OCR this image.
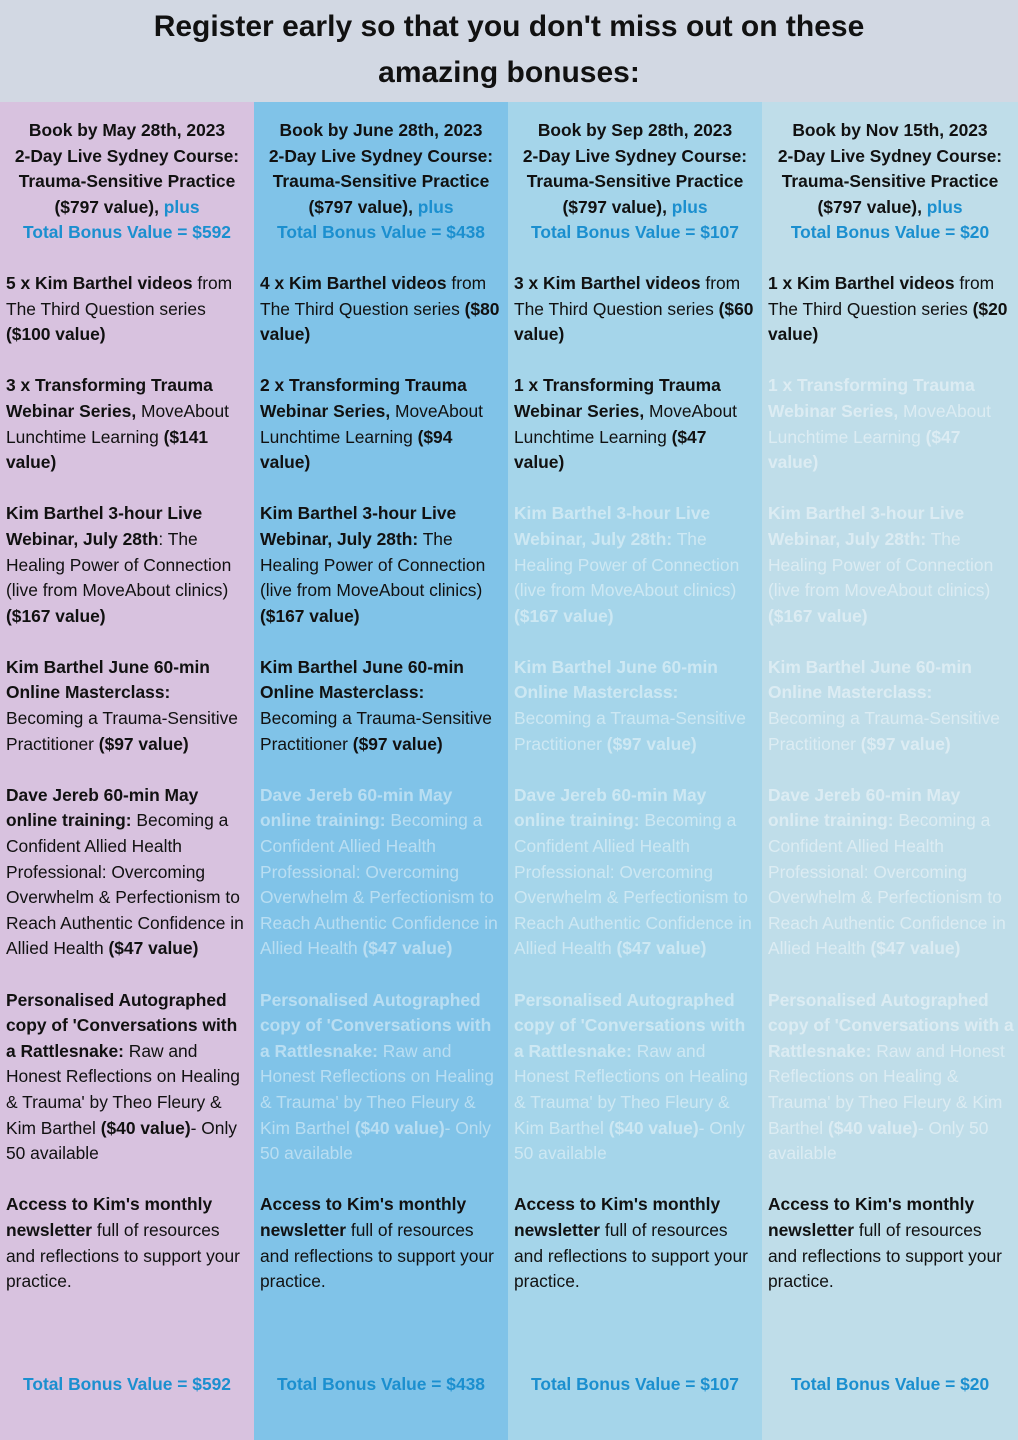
Register early so that you don't miss out on these
amazing bonuses:
Book by May 28th, 2023
2-Day Live Sydney Course:
Trauma-Sensitive Practice
($797 value), plus
Total Bonus Value = $592
5 x Kim Barthel videos from The Third Question series ($100 value)
3 x Transforming Trauma Webinar Series, MoveAbout Lunchtime Learning ($141 value)
Kim Barthel 3-hour Live Webinar, July 28th: The Healing Power of Connection (live from MoveAbout clinics) ($167 value)
Kim Barthel June 60-min Online Masterclass: Becoming a Trauma-Sensitive Practitioner ($97 value)
Dave Jereb 60-min May online training: Becoming a Confident Allied Health Professional: Overcoming Overwhelm & Perfectionism to Reach Authentic Confidence in Allied Health ($47 value)
Personalised Autographed copy of 'Conversations with a Rattlesnake: Raw and Honest Reflections on Healing & Trauma' by Theo Fleury & Kim Barthel ($40 value)- Only 50 available
Access to Kim's monthly newsletter full of resources and reflections to support your practice.
Total Bonus Value = $592
Book by June 28th, 2023
2-Day Live Sydney Course:
Trauma-Sensitive Practice
($797 value), plus
Total Bonus Value = $438
4 x Kim Barthel videos from The Third Question series ($80 value)
2 x Transforming Trauma Webinar Series, MoveAbout Lunchtime Learning ($94 value)
Kim Barthel 3-hour Live Webinar, July 28th: The Healing Power of Connection (live from MoveAbout clinics) ($167 value)
Kim Barthel June 60-min Online Masterclass: Becoming a Trauma-Sensitive Practitioner ($97 value)
Dave Jereb 60-min May online training: Becoming a Confident Allied Health Professional: Overcoming Overwhelm & Perfectionism to Reach Authentic Confidence in Allied Health ($47 value)
Personalised Autographed copy of 'Conversations with a Rattlesnake: Raw and Honest Reflections on Healing & Trauma' by Theo Fleury & Kim Barthel ($40 value)- Only 50 available
Access to Kim's monthly newsletter full of resources and reflections to support your practice.
Total Bonus Value = $438
Book by Sep 28th, 2023
2-Day Live Sydney Course:
Trauma-Sensitive Practice
($797 value), plus
Total Bonus Value = $107
3 x Kim Barthel videos from The Third Question series ($60 value)
1 x Transforming Trauma Webinar Series, MoveAbout Lunchtime Learning ($47 value)
Kim Barthel 3-hour Live Webinar, July 28th: The Healing Power of Connection (live from MoveAbout clinics) ($167 value)
Kim Barthel June 60-min Online Masterclass: Becoming a Trauma-Sensitive Practitioner ($97 value)
Dave Jereb 60-min May online training: Becoming a Confident Allied Health Professional: Overcoming Overwhelm & Perfectionism to Reach Authentic Confidence in Allied Health ($47 value)
Personalised Autographed copy of 'Conversations with a Rattlesnake: Raw and Honest Reflections on Healing & Trauma' by Theo Fleury & Kim Barthel ($40 value)- Only 50 available
Access to Kim's monthly newsletter full of resources and reflections to support your practice.
Total Bonus Value = $107
Book by Nov 15th, 2023
2-Day Live Sydney Course:
Trauma-Sensitive Practice
($797 value), plus
Total Bonus Value = $20
1 x Kim Barthel videos from The Third Question series ($20 value)
1 x Transforming Trauma Webinar Series, MoveAbout Lunchtime Learning ($47 value)
Kim Barthel 3-hour Live Webinar, July 28th: The Healing Power of Connection (live from MoveAbout clinics) ($167 value)
Kim Barthel June 60-min Online Masterclass: Becoming a Trauma-Sensitive Practitioner ($97 value)
Dave Jereb 60-min May online training: Becoming a Confident Allied Health Professional: Overcoming Overwhelm & Perfectionism to Reach Authentic Confidence in Allied Health ($47 value)
Personalised Autographed copy of 'Conversations with a Rattlesnake: Raw and Honest Reflections on Healing & Trauma' by Theo Fleury & Kim Barthel ($40 value)- Only 50 available
Access to Kim's monthly newsletter full of resources and reflections to support your practice.
Total Bonus Value = $20
